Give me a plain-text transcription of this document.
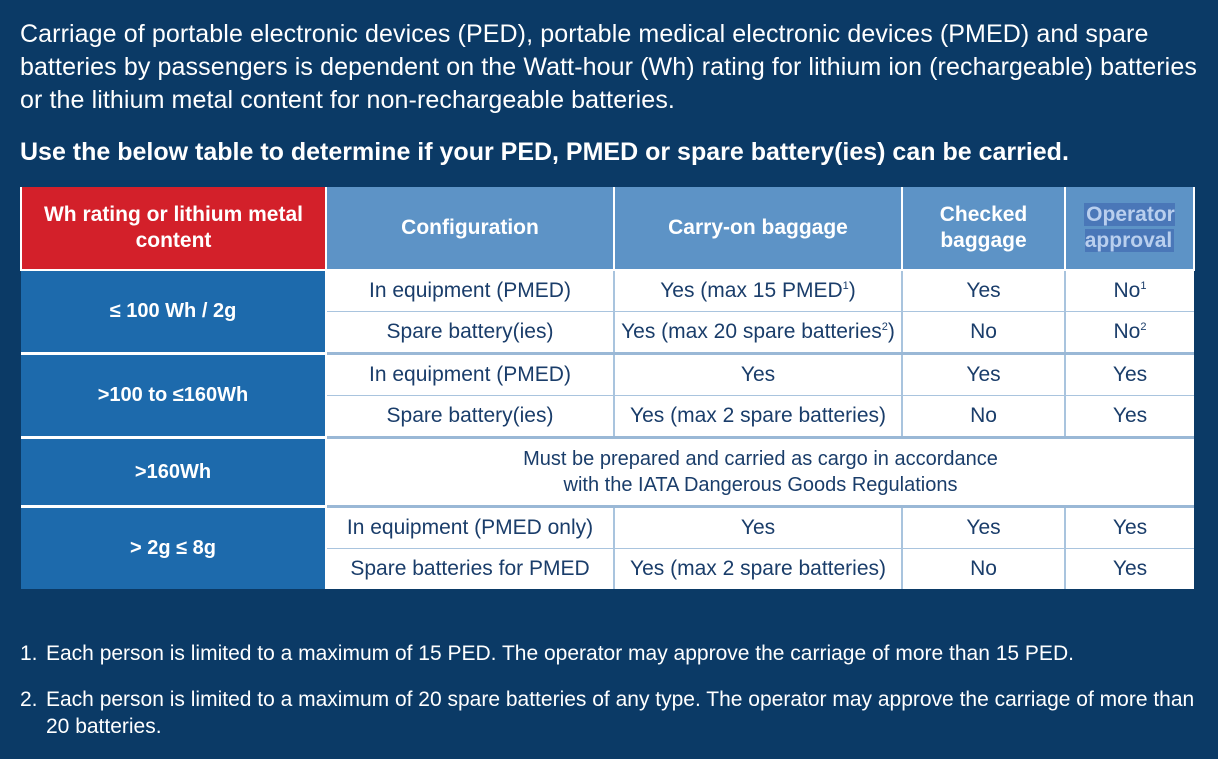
Carriage of portable electronic devices (PED), portable medical electronic devices (PMED) and spare batteries by passengers is dependent on the Watt-hour (Wh) rating for lithium ion (rechargeable) batteries or the lithium metal content for non-rechargeable batteries.
Use the below table to determine if your PED, PMED or spare battery(ies) can be carried.
Wh rating or lithium metal content	Configuration	Carry-on baggage	Checked baggage	Operator approval
≤ 100 Wh / 2g	In equipment (PMED)	Yes (max 15 PMED$^1$)	Yes	No$^1$
	Spare battery(ies)	Yes (max 20 spare batteries$^2$)	No	$No^2$
>100 to ≤160Wh	In equipment (PMED)	Yes	Yes	Yes
	Spare battery(ies)	Yes (max 2 spare batteries)	No	Yes
>160Wh	Must be prepared and carried as cargo in accordance
with the IATA Dangerous Goods Regulations			

> 2g ≤ 8g	In equipment (PMED only)	Yes	Yes	Yes
	Spare batteries for PMED	Yes (max 2 spare batteries)	No	Yes
1. Each person is limited to a maximum of 15 PED. The operator may approve the carriage of more than 15 PED.
2. Each person is limited to a maximum of 20 spare batteries of any type. The operator may approve the carriage of more than 20 batteries.
